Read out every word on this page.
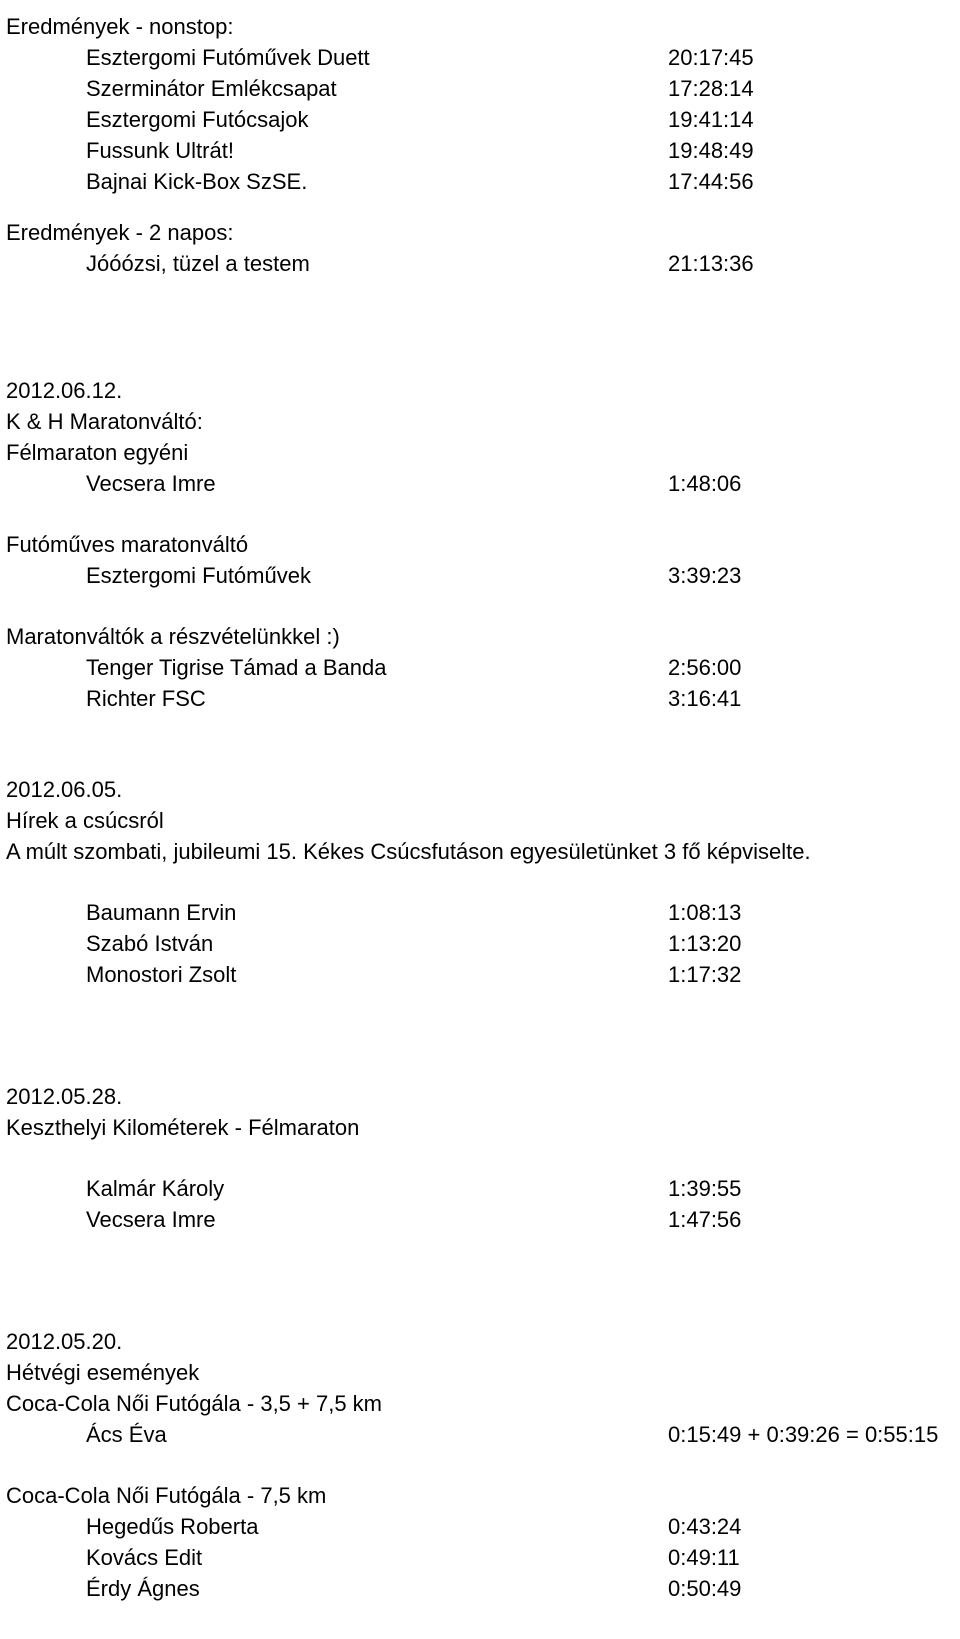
Eredmények - nonstop:
Esztergomi Futóművek Duett	20:17:45
Szerminátor Emlékcsapat	17:28:14
Esztergomi Futócsajok	19:41:14
Fussunk Ultrát!	19:48:49
Bajnai Kick-Box SzSE.	17:44:56
Eredmények - 2 napos:
Jóóózsi, tüzel a testem	21:13:36
2012.06.12.
K & H Maratonváltó:
Félmaraton egyéni
Vecsera Imre	1:48:06
Futóműves maratonváltó
Esztergomi Futóművek	3:39:23
Maratonváltók a részvételünkkel :)
Tenger Tigrise Támad a Banda	2:56:00
Richter FSC	3:16:41
2012.06.05.
Hírek a csúcsról
A múlt szombati, jubileumi 15. Kékes Csúcsfutáson egyesületünket 3 fő képviselte.
Baumann Ervin	1:08:13
Szabó István	1:13:20
Monostori Zsolt	1:17:32
2012.05.28.
Keszthelyi Kilométerek - Félmaraton
Kalmár Károly	1:39:55
Vecsera Imre	1:47:56
2012.05.20.
Hétvégi események
Coca-Cola Női Futógála - 3,5 + 7,5 km
Ács Éva	0:15:49 + 0:39:26 = 0:55:15
Coca-Cola Női Futógála - 7,5 km
Hegedűs Roberta	0:43:24
Kovács Edit	0:49:11
Érdy Ágnes	0:50:49
